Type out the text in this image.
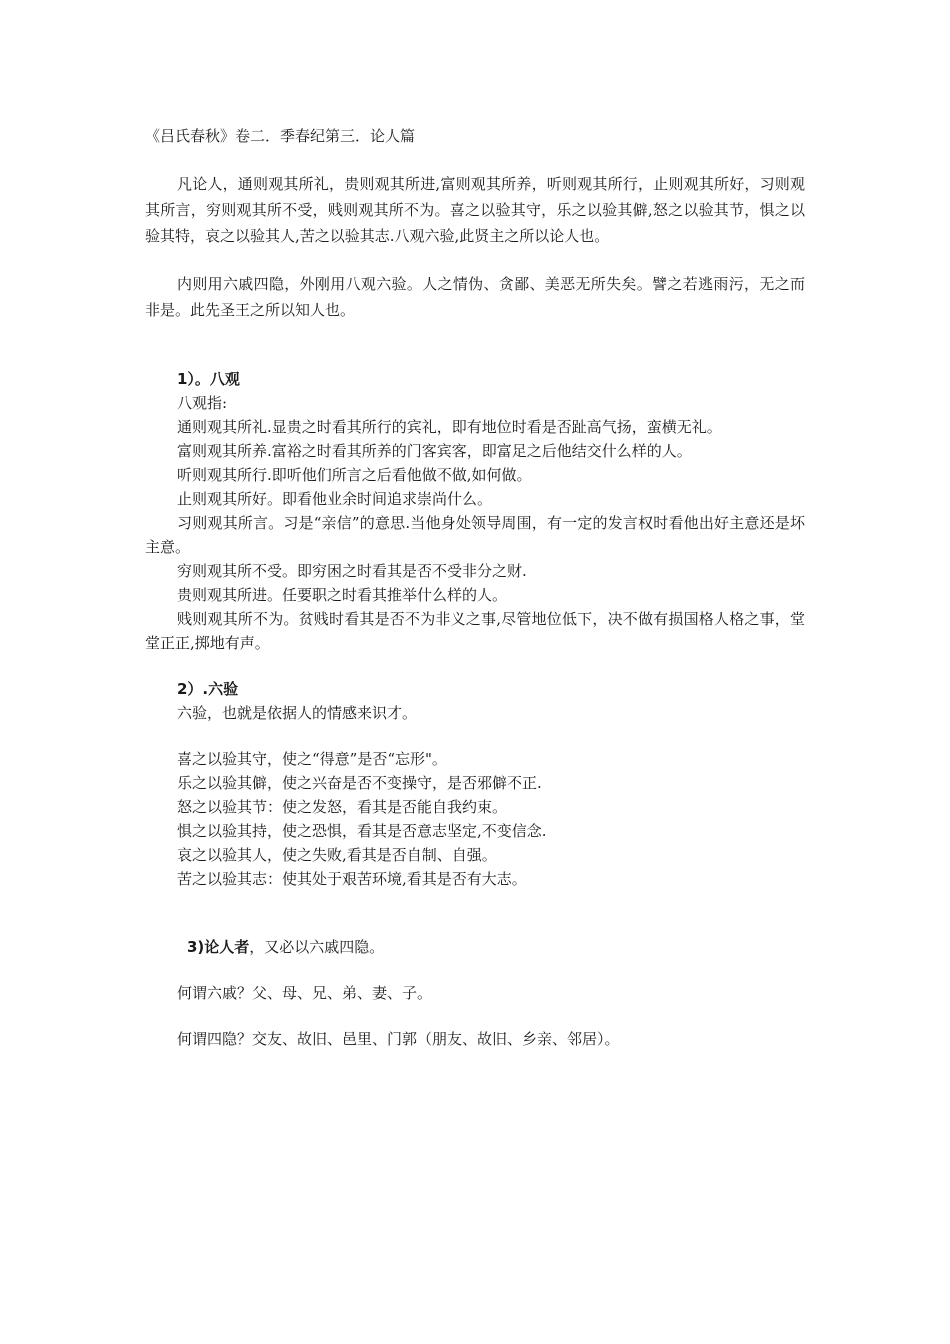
《吕氏春秋》卷二．季春纪第三．论人篇
凡论人，通则观其所礼，贵则观其所进,富则观其所养，听则观其所行，止则观其所好，习则观其所言，穷则观其所不受，贱则观其所不为。喜之以验其守，乐之以验其僻,怒之以验其节，惧之以验其特，哀之以验其人,苦之以验其志.八观六验,此贤主之所以论人也。
内则用六戚四隐，外刚用八观六验。人之情伪、贪鄙、美恶无所失矣。譬之若逃雨污，无之而非是。此先圣王之所以知人也。
1）。八观
八观指:
通则观其所礼.显贵之时看其所行的宾礼，即有地位时看是否趾高气扬，蛮横无礼。
富则观其所养.富裕之时看其所养的门客宾客，即富足之后他结交什么样的人。
听则观其所行.即听他们所言之后看他做不做,如何做。
止则观其所好。即看他业余时间追求崇尚什么。
习则观其所言。习是“亲信”的意思.当他身处领导周围，有一定的发言权时看他出好主意还是坏主意。
穷则观其所不受。即穷困之时看其是否不受非分之财.
贵则观其所进。任要职之时看其推举什么样的人。
贱则观其所不为。贫贱时看其是否不为非义之事,尽管地位低下，决不做有损国格人格之事，堂堂正正,掷地有声。
2）.六验
六验，也就是依据人的情感来识才。
喜之以验其守，使之“得意”是否“忘形"。
乐之以验其僻，使之兴奋是否不变操守，是否邪僻不正.
怒之以验其节：使之发怒，看其是否能自我约束。
惧之以验其持，使之恐惧，看其是否意志坚定,不变信念.
哀之以验其人，使之失败,看其是否自制、自强。
苦之以验其志：使其处于艰苦环境,看其是否有大志。
3)论人者，又必以六戚四隐。
何谓六戚？父、母、兄、弟、妻、子。
何谓四隐？交友、故旧、邑里、门郭（朋友、故旧、乡亲、邻居）。
